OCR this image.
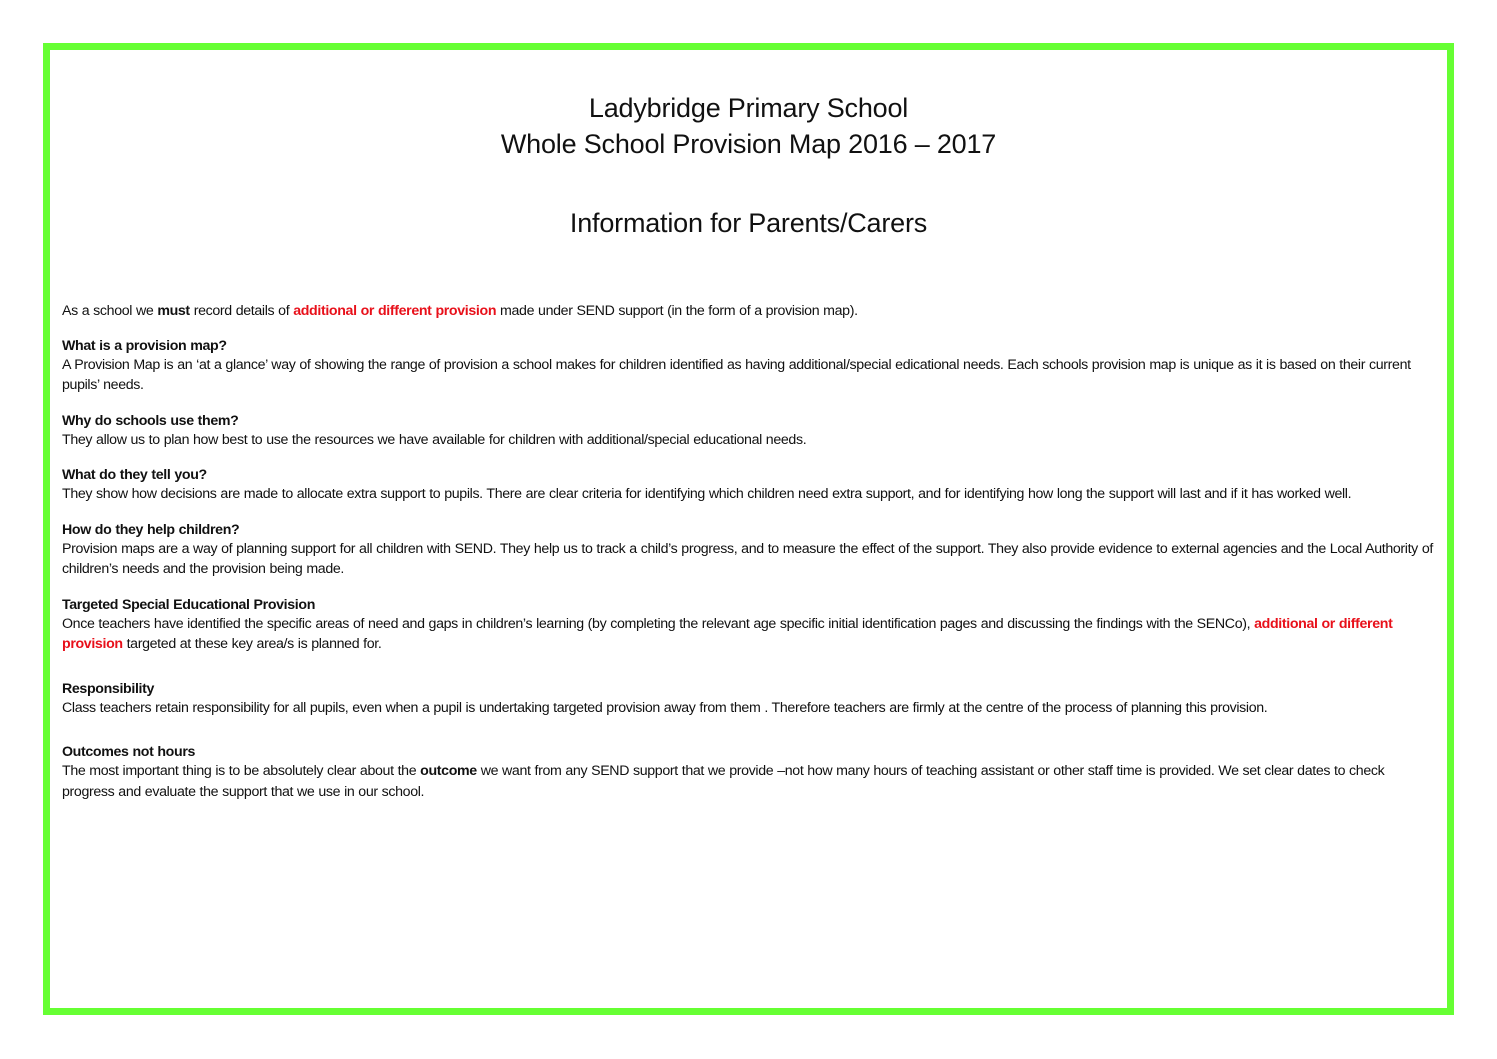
Ladybridge Primary School
Whole School Provision Map 2016 – 2017
Information for Parents/Carers

As a school we must record details of additional or different provision made under SEND support (in the form of a provision map).

What is a provision map?
A Provision Map is an ‘at a glance’ way of showing the range of provision a school makes for children identified as having additional/special edicational needs. Each schools provision map is unique as it is based on their current pupils’ needs.
Why do schools use them?
They allow us to plan how best to use the resources we have available for children with additional/special educational needs.
What do they tell you?
They show how decisions are made to allocate extra support to pupils. There are clear criteria for identifying which children need extra support, and for identifying how long the support will last and if it has worked well.
How do they help children?
Provision maps are a way of planning support for all children with SEND. They help us to track a child’s progress, and to measure the effect of the support. They also provide evidence to external agencies and the Local Authority of children’s needs and the provision being made.
Targeted Special Educational Provision
Once teachers have identified the specific areas of need and gaps in children’s learning (by completing the relevant age specific initial identification pages and discussing the findings with the SENCo), additional or different provision targeted at these key area/s is planned for.
Responsibility
Class teachers retain responsibility for all pupils, even when a pupil is undertaking targeted provision away from them . Therefore teachers are firmly at the centre of the process of planning this provision.
Outcomes not hours
The most important thing is to be absolutely clear about the outcome we want from any SEND support that we provide –not how many hours of teaching assistant or other staff time is provided. We set clear dates to check progress and evaluate the support that we use in our school.
